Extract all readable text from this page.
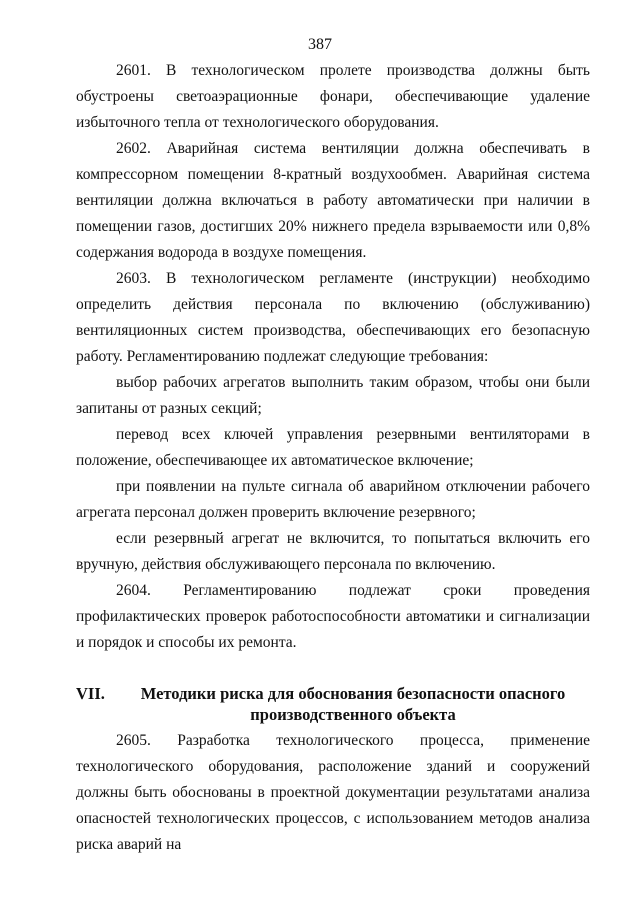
387

2601. В технологическом пролете производства должны быть обустроены светоаэрационные фонари, обеспечивающие удаление избыточного тепла от технологического оборудования.

2602. Аварийная система вентиляции должна обеспечивать в компрессорном помещении 8-кратный воздухообмен. Аварийная система вентиляции должна включаться в работу автоматически при наличии в помещении газов, достигших 20% нижнего предела взрываемости или 0,8% содержания водорода в воздухе помещения.

2603. В технологическом регламенте (инструкции) необходимо определить действия персонала по включению (обслуживанию) вентиляционных систем производства, обеспечивающих его безопасную работу. Регламентированию подлежат следующие требования:

выбор рабочих агрегатов выполнить таким образом, чтобы они были запитаны от разных секций;

перевод всех ключей управления резервными вентиляторами в положение, обеспечивающее их автоматическое включение;

при появлении на пульте сигнала об аварийном отключении рабочего агрегата персонал должен проверить включение резервного;

если резервный агрегат не включится, то попытаться включить его вручную, действия обслуживающего персонала по включению.

2604. Регламентированию подлежат сроки проведения профилактических проверок работоспособности автоматики и сигнализации и порядок и способы их ремонта.

VII.	Методики риска для обоснования безопасности опасного производственного объекта

2605. Разработка технологического процесса, применение технологического оборудования, расположение зданий и сооружений должны быть обоснованы в проектной документации результатами анализа опасностей технологических процессов, с использованием методов анализа риска аварий на
